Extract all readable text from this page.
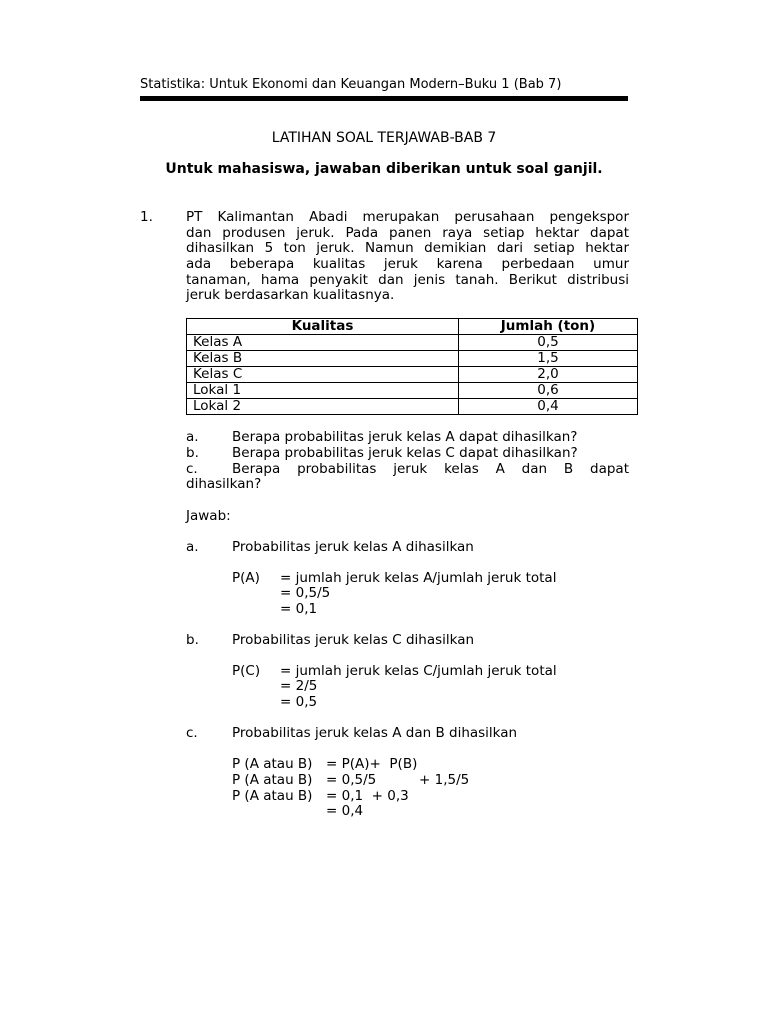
Statistika: Untuk Ekonomi dan Keuangan Modern–Buku 1 (Bab 7)
LATIHAN SOAL TERJAWAB-BAB 7
Untuk mahasiswa, jawaban diberikan untuk soal ganjil.
1. PT Kalimantan Abadi merupakan perusahaan pengekspor
dan produsen jeruk. Pada panen raya setiap hektar dapat
dihasilkan 5 ton jeruk. Namun demikian dari setiap hektar
ada beberapa kualitas jeruk karena perbedaan umur
tanaman, hama penyakit dan jenis tanah. Berikut distribusi
jeruk berdasarkan kualitasnya.
Kualitas	Jumlah (ton)
Kelas A	0,5
Kelas B	1,5
Kelas C	2,0
Lokal 1	0,6
Lokal 2	0,4
a. Berapa probabilitas jeruk kelas A dapat dihasilkan?
b. Berapa probabilitas jeruk kelas C dapat dihasilkan?
c.	Berapa probabilitas jeruk kelas A dan B dapat
dihasilkan?
Jawab:
a. Probabilitas jeruk kelas A dihasilkan
P(A) = jumlah jeruk kelas A/jumlah jeruk total
= 0,5/5
= 0,1
b. Probabilitas jeruk kelas C dihasilkan
P(C) = jumlah jeruk kelas C/jumlah jeruk total
= 2/5
= 0,5
c.	Probabilitas jeruk kelas A dan B dihasilkan
P (A atau B) = P(A)+  P(B)
P (A atau B) = 0,5/5	+ 1,5/5
P (A atau B) = 0,1  + 0,3
= 0,4
